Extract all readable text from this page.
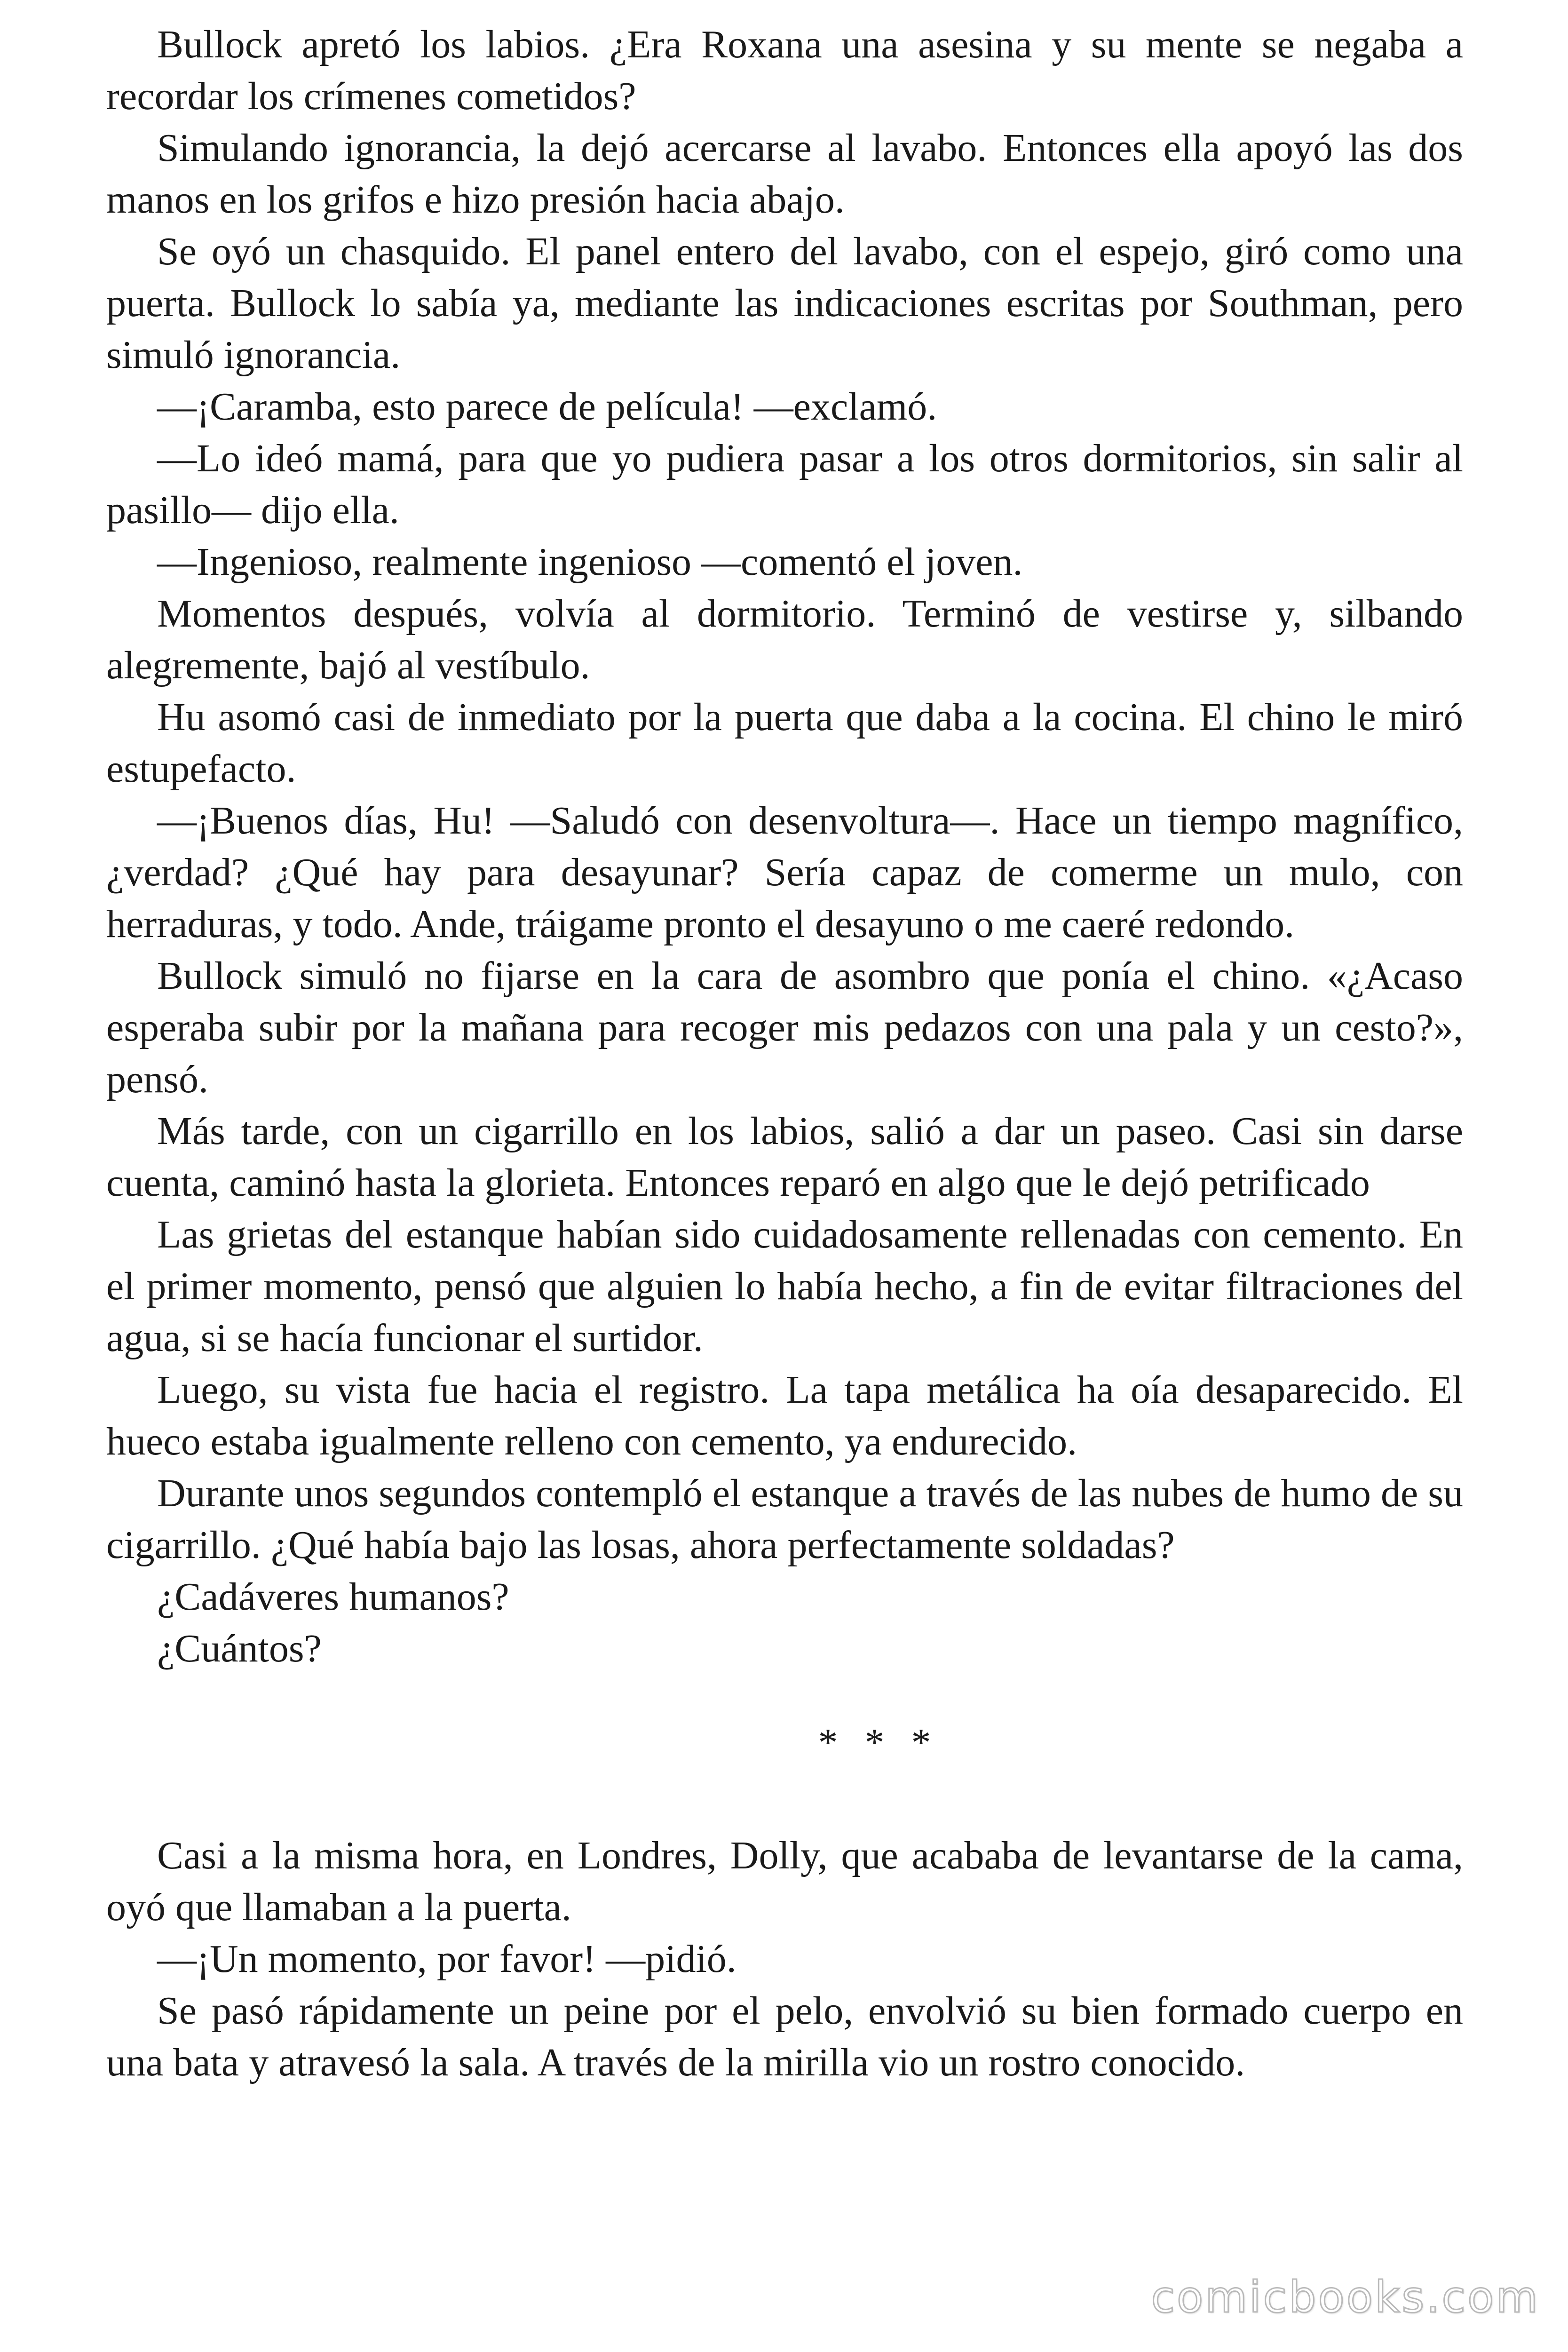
Bullock apretó los labios. ¿Era Roxana una asesina y su mente se negaba a recordar los crímenes cometidos?

Simulando ignorancia, la dejó acercarse al lavabo. Entonces ella apoyó las dos manos en los grifos e hizo presión hacia abajo.

Se oyó un chasquido. El panel entero del lavabo, con el espejo, giró como una puerta. Bullock lo sabía ya, mediante las indicaciones escritas por Southman, pero simuló ignorancia.

—¡Caramba, esto parece de película! —exclamó.

—Lo ideó mamá, para que yo pudiera pasar a los otros dormitorios, sin salir al pasillo— dijo ella.

—Ingenioso, realmente ingenioso —comentó el joven.

Momentos después, volvía al dormitorio. Terminó de vestirse y, silbando alegremente, bajó al vestíbulo.

Hu asomó casi de inmediato por la puerta que daba a la cocina. El chino le miró estupefacto.

—¡Buenos días, Hu! —Saludó con desenvoltura—. Hace un tiempo magnífico, ¿verdad? ¿Qué hay para desayunar? Sería capaz de comerme un mulo, con herraduras, y todo. Ande, tráigame pronto el desayuno o me caeré redondo.

Bullock simuló no fijarse en la cara de asombro que ponía el chino. «¿Acaso esperaba subir por la mañana para recoger mis pedazos con una pala y un cesto?», pensó.

Más tarde, con un cigarrillo en los labios, salió a dar un paseo. Casi sin darse cuenta, caminó hasta la glorieta. Entonces reparó en algo que le dejó petrificado

Las grietas del estanque habían sido cuidadosamente rellenadas con cemento. En el primer momento, pensó que alguien lo había hecho, a fin de evitar filtraciones del agua, si se hacía funcionar el surtidor.

Luego, su vista fue hacia el registro. La tapa metálica ha oía desaparecido. El hueco estaba igualmente relleno con cemento, ya endurecido.

Durante unos segundos contempló el estanque a través de las nubes de humo de su cigarrillo. ¿Qué había bajo las losas, ahora perfectamente soldadas?

¿Cadáveres humanos?

¿Cuántos?

* * *

Casi a la misma hora, en Londres, Dolly, que acababa de levantarse de la cama, oyó que llamaban a la puerta.

—¡Un momento, por favor! —pidió.

Se pasó rápidamente un peine por el pelo, envolvió su bien formado cuerpo en una bata y atravesó la sala. A través de la mirilla vio un rostro conocido.

comicbooks.com
